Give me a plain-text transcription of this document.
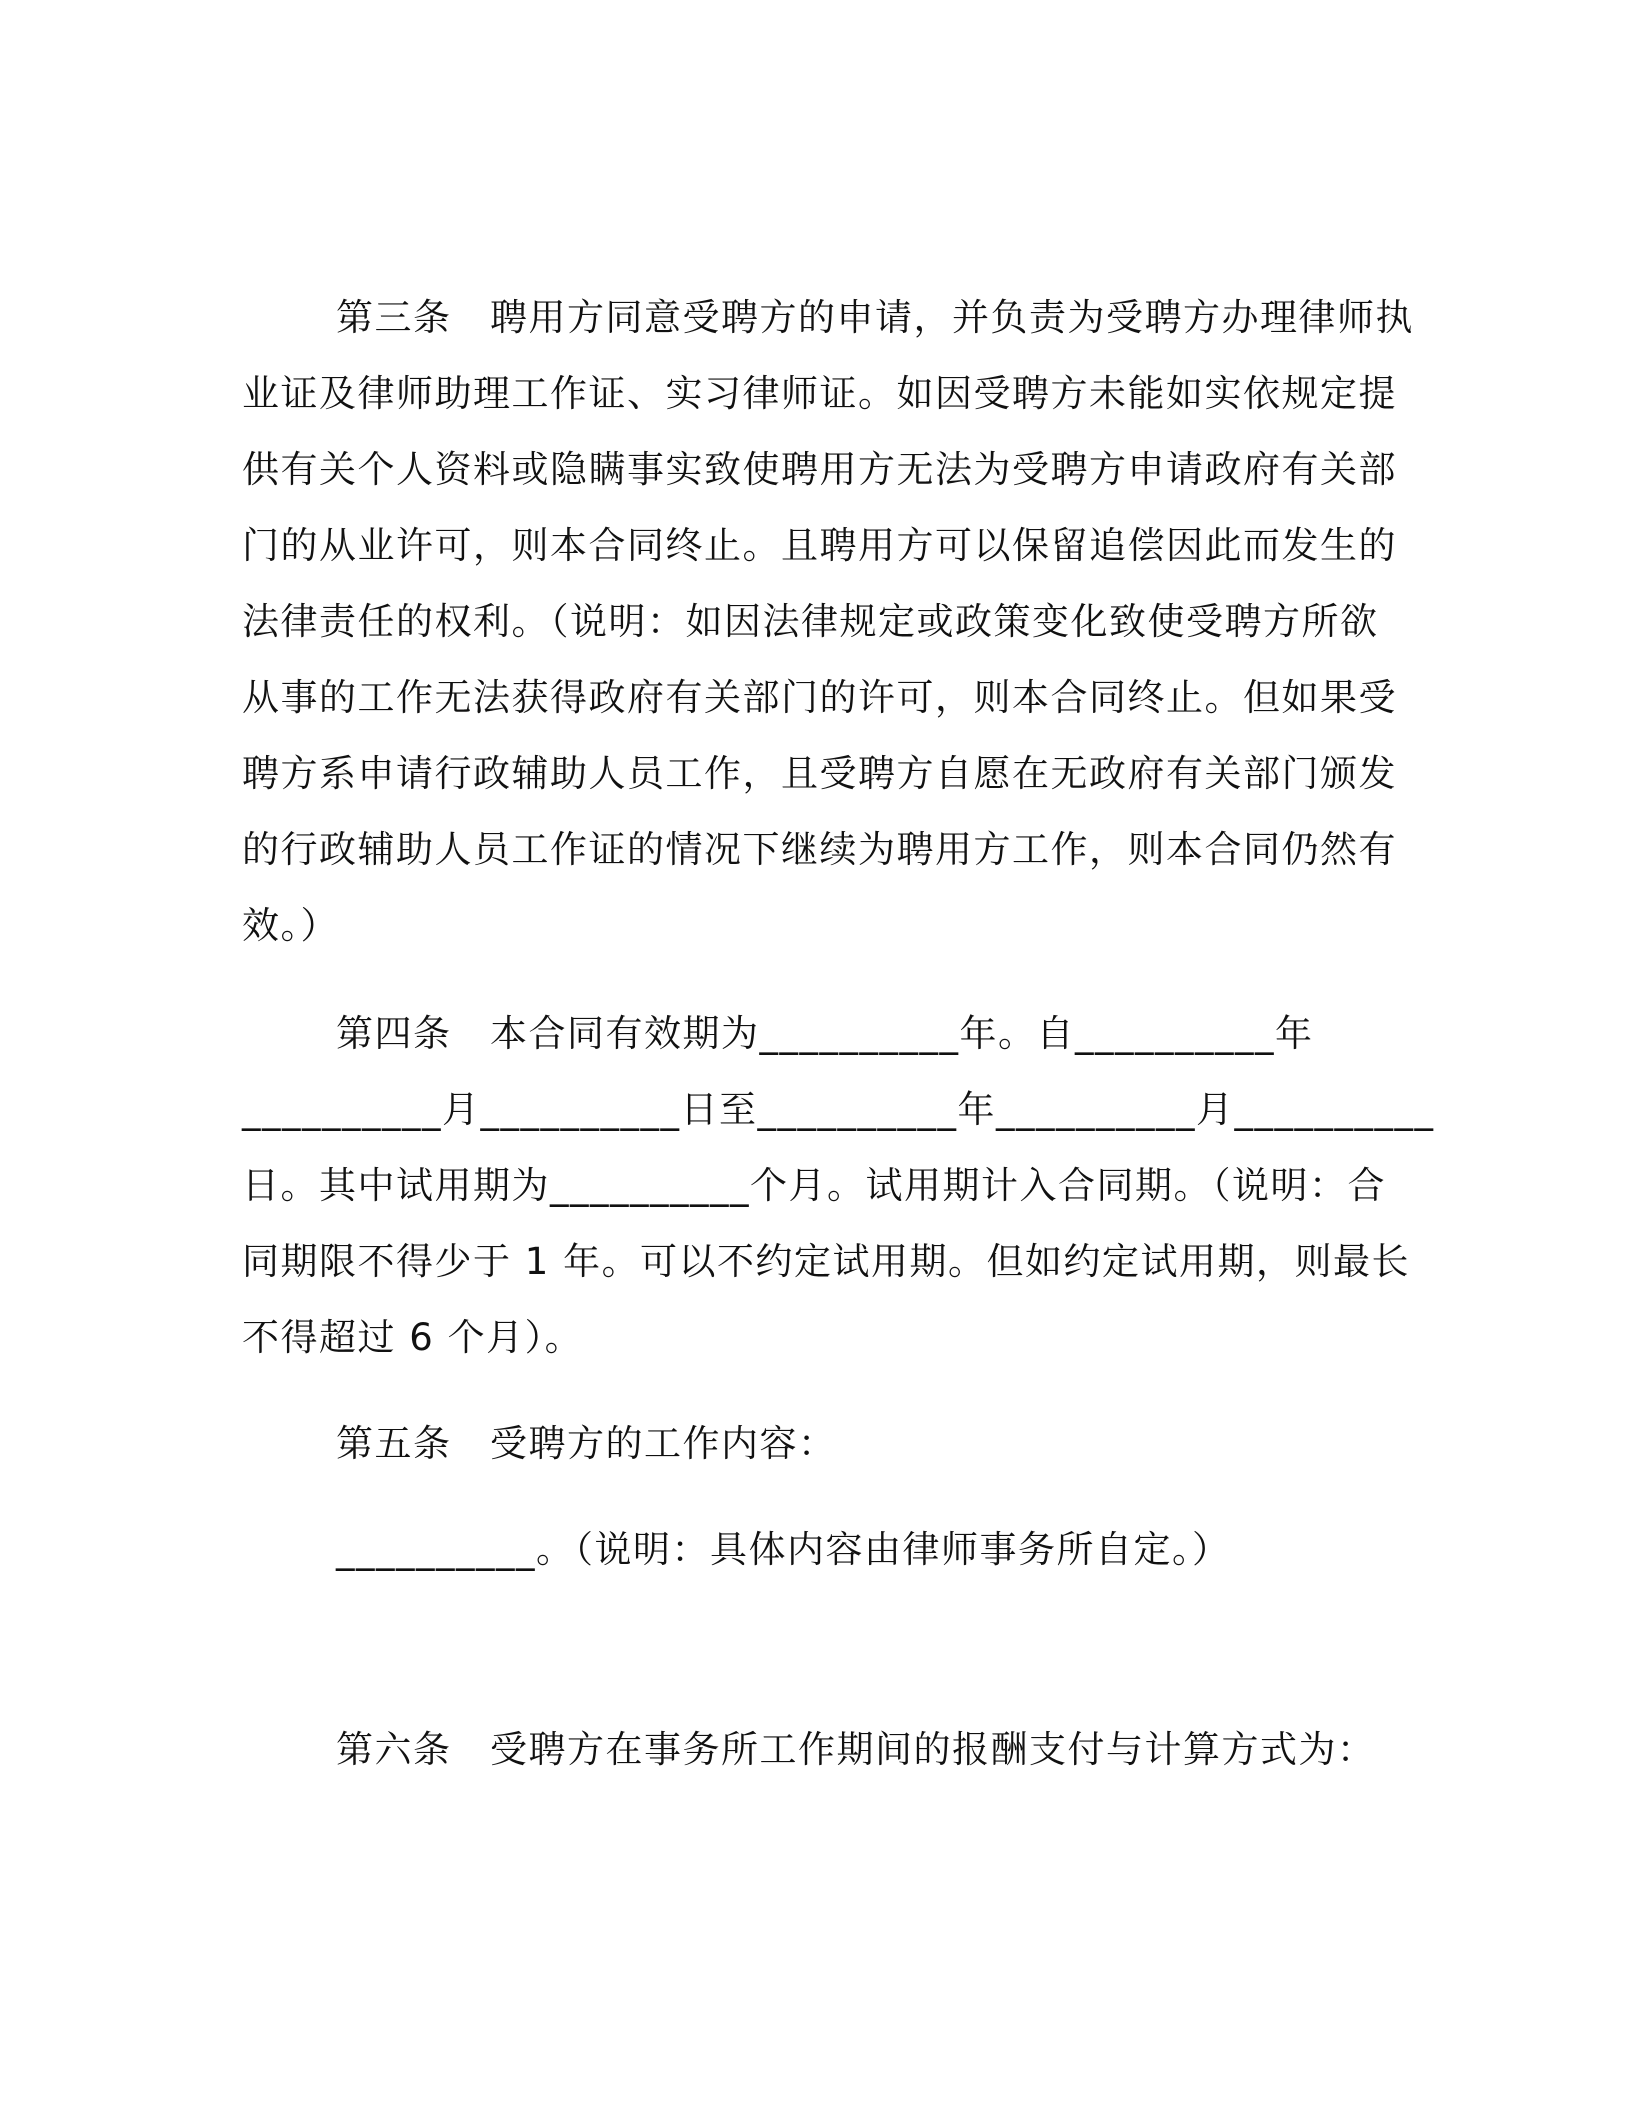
第三条　聘用方同意受聘方的申请，并负责为受聘方办理律师执

业证及律师助理工作证、实习律师证。如因受聘方未能如实依规定提

供有关个人资料或隐瞒事实致使聘用方无法为受聘方申请政府有关部

门的从业许可，则本合同终止。且聘用方可以保留追偿因此而发生的

法律责任的权利。（说明：如因法律规定或政策变化致使受聘方所欲

从事的工作无法获得政府有关部门的许可，则本合同终止。但如果受

聘方系申请行政辅助人员工作，且受聘方自愿在无政府有关部门颁发

的行政辅助人员工作证的情况下继续为聘用方工作，则本合同仍然有

效。）

第四条　本合同有效期为__________年。自__________年

__________月__________日至__________年__________月__________

日。其中试用期为__________个月。试用期计入合同期。（说明：合

同期限不得少于 1 年。可以不约定试用期。但如约定试用期，则最长

不得超过 6 个月）。

第五条　受聘方的工作内容：

__________。（说明：具体内容由律师事务所自定。）

第六条　受聘方在事务所工作期间的报酬支付与计算方式为：
